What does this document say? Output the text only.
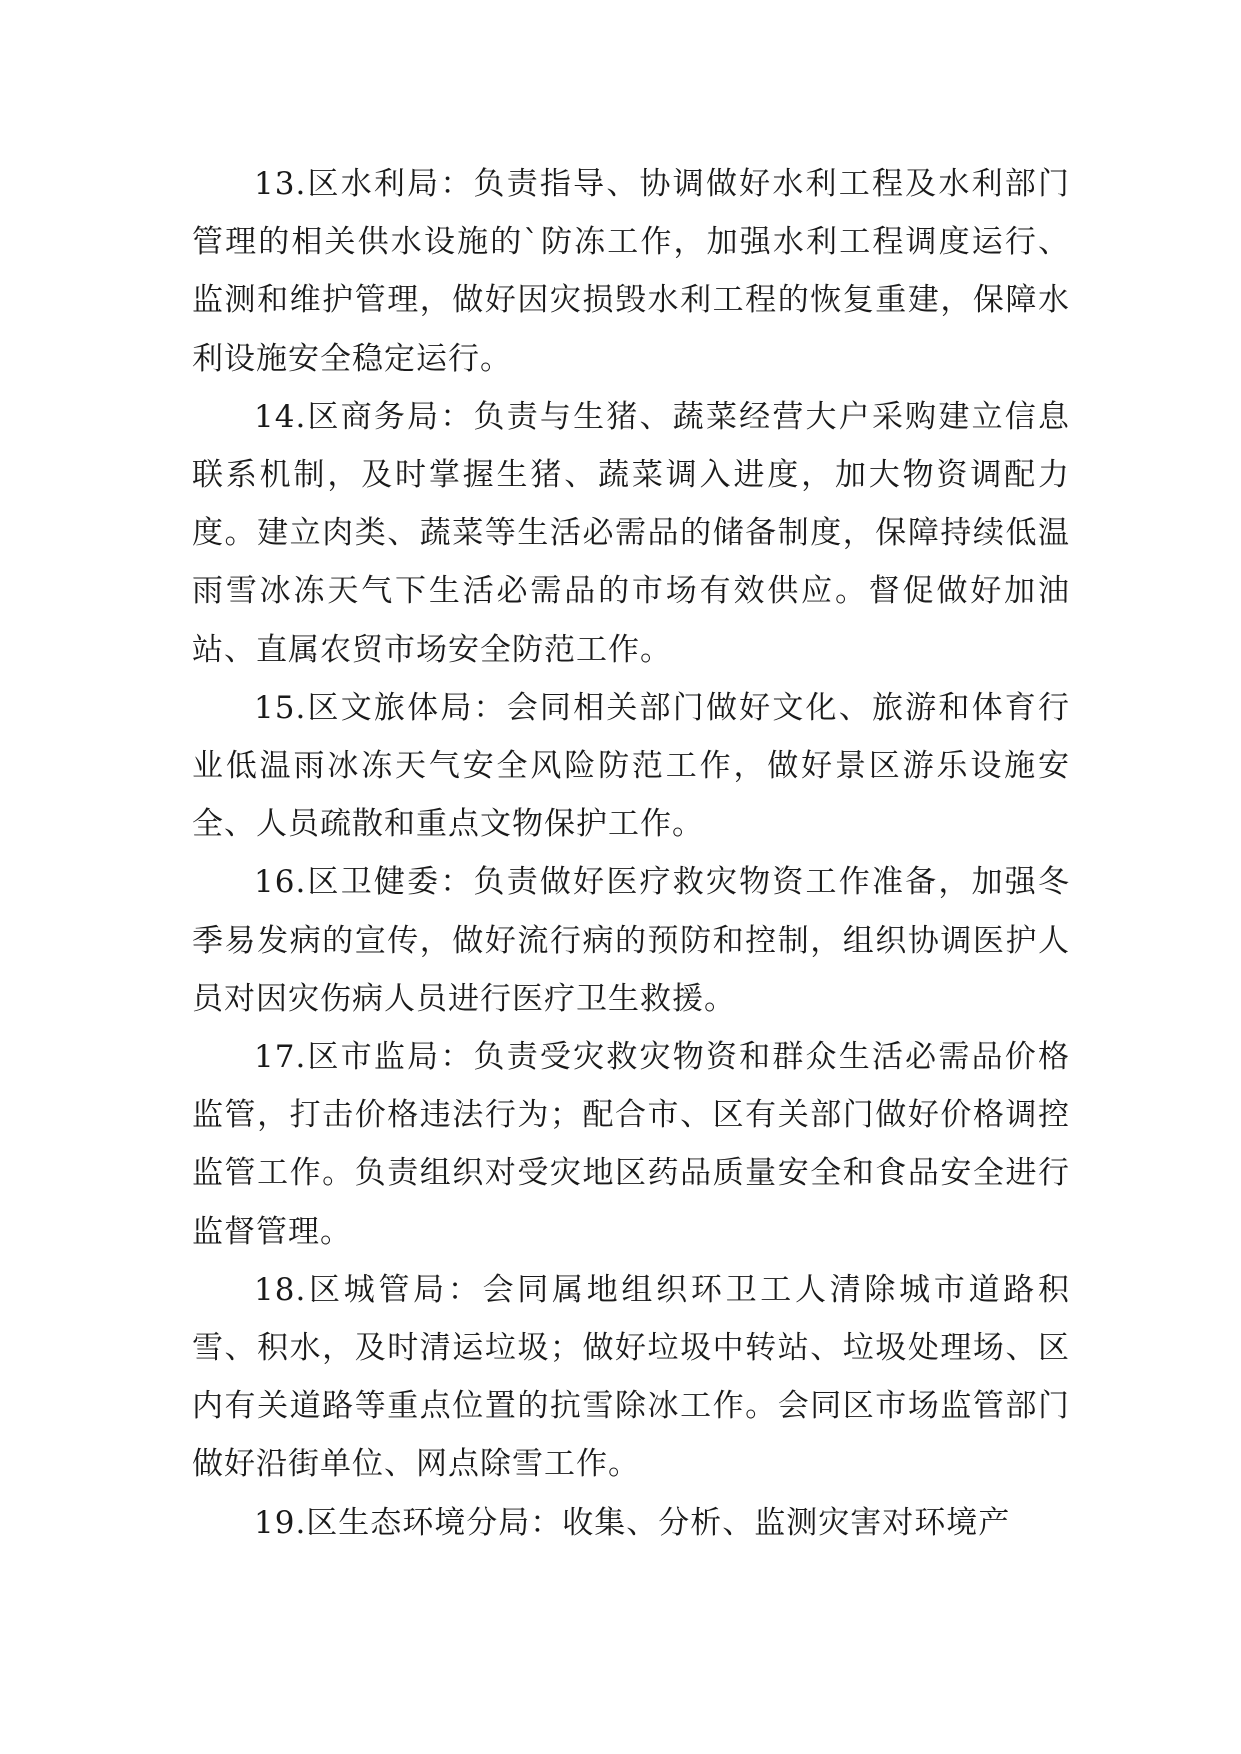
13.区水利局：负责指导、协调做好水利工程及水利部门管理的相关供水设施的`防冻工作，加强水利工程调度运行、监测和维护管理，做好因灾损毁水利工程的恢复重建，保障水利设施安全稳定运行。

14.区商务局：负责与生猪、蔬菜经营大户采购建立信息联系机制，及时掌握生猪、蔬菜调入进度，加大物资调配力度。建立肉类、蔬菜等生活必需品的储备制度，保障持续低温雨雪冰冻天气下生活必需品的市场有效供应。督促做好加油站、直属农贸市场安全防范工作。

15.区文旅体局：会同相关部门做好文化、旅游和体育行业低温雨冰冻天气安全风险防范工作，做好景区游乐设施安全、人员疏散和重点文物保护工作。

16.区卫健委：负责做好医疗救灾物资工作准备，加强冬季易发病的宣传，做好流行病的预防和控制，组织协调医护人员对因灾伤病人员进行医疗卫生救援。

17.区市监局：负责受灾救灾物资和群众生活必需品价格监管，打击价格违法行为；配合市、区有关部门做好价格调控监管工作。负责组织对受灾地区药品质量安全和食品安全进行监督管理。

18.区城管局：会同属地组织环卫工人清除城市道路积雪、积水，及时清运垃圾；做好垃圾中转站、垃圾处理场、区内有关道路等重点位置的抗雪除冰工作。会同区市场监管部门做好沿街单位、网点除雪工作。

19.区生态环境分局：收集、分析、监测灾害对环境产
